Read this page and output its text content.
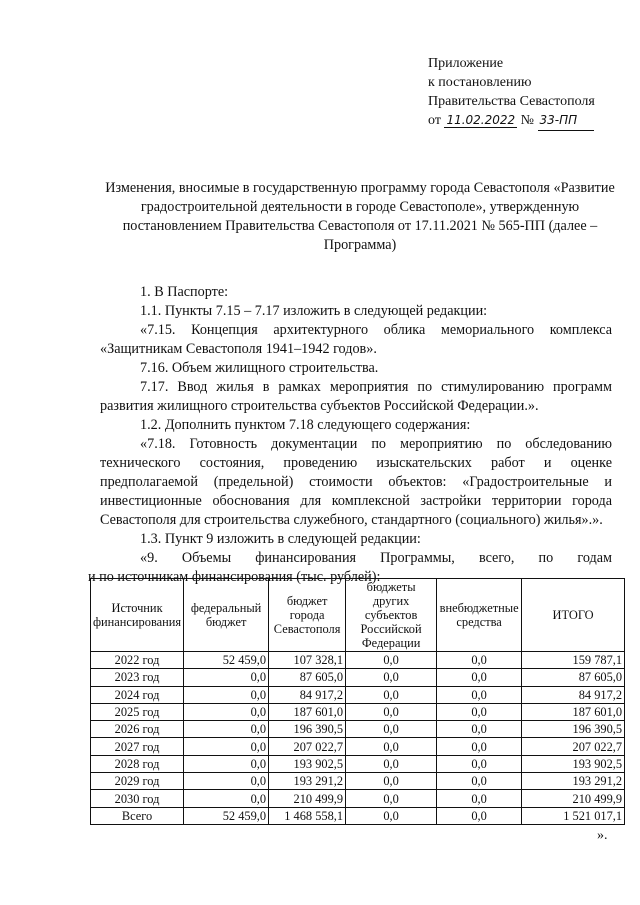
Приложение
к постановлению
Правительства Севастополя
от 11.02.2022 № 33-ПП
Изменения, вносимые в государственную программу города Севастополя «Развитие градостроительной деятельности в городе Севастополе», утвержденную постановлением Правительства Севастополя от 17.11.2021 № 565-ПП (далее – Программа)

1. В Паспорте:

1.1. Пункты 7.15 – 7.17 изложить в следующей редакции:

«7.15. Концепция архитектурного облика мемориального комплекса «Защитникам Севастополя 1941–1942 годов».

7.16. Объем жилищного строительства.

7.17. Ввод жилья в рамках мероприятия по стимулированию программ развития жилищного строительства субъектов Российской Федерации.».

1.2. Дополнить пунктом 7.18 следующего содержания:

«7.18. Готовность документации по мероприятию по обследованию технического состояния, проведению изыскательских работ и оценке предполагаемой (предельной) стоимости объектов: «Градостроительные и инвестиционные обоснования для комплексной застройки территории города Севастополя для строительства служебного, стандартного (социального) жилья».».

1.3. Пункт 9 изложить в следующей редакции:

«9. Объемы финансирования Программы, всего, по годам

и по источникам финансирования (тыс. рублей):

Источник финансирования	федеральный бюджет	бюджет города Севастополя	бюджеты других субъектов Российской Федерации	внебюджетные средства	ИТОГО
2022 год	52 459,0	107 328,1	0,0	0,0	159 787,1
2023 год	0,0	87 605,0	0,0	0,0	87 605,0
2024 год	0,0	84 917,2	0,0	0,0	84 917,2
2025 год	0,0	187 601,0	0,0	0,0	187 601,0
2026 год	0,0	196 390,5	0,0	0,0	196 390,5
2027 год	0,0	207 022,7	0,0	0,0	207 022,7
2028 год	0,0	193 902,5	0,0	0,0	193 902,5
2029 год	0,0	193 291,2	0,0	0,0	193 291,2
2030 год	0,0	210 499,9	0,0	0,0	210 499,9
Всего	52 459,0	1 468 558,1	0,0	0,0	1 521 017,1
».
